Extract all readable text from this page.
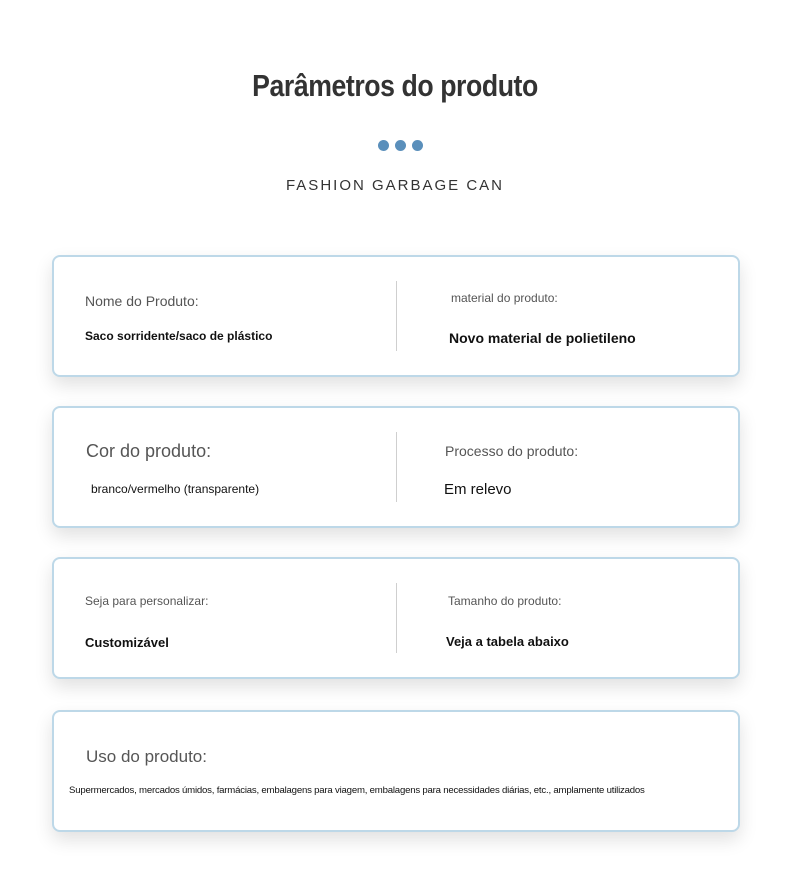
Parâmetros do produto
FASHION GARBAGE CAN
Nome do Produto:
Saco sorridente/saco de plástico
material do produto:
Novo material de polietileno
Cor do produto:
branco/vermelho (transparente)
Processo do produto:
Em relevo
Seja para personalizar:
Customizável
Tamanho do produto:
Veja a tabela abaixo
Uso do produto:
Supermercados, mercados úmidos, farmácias, embalagens para viagem, embalagens para necessidades diárias, etc., amplamente utilizados
